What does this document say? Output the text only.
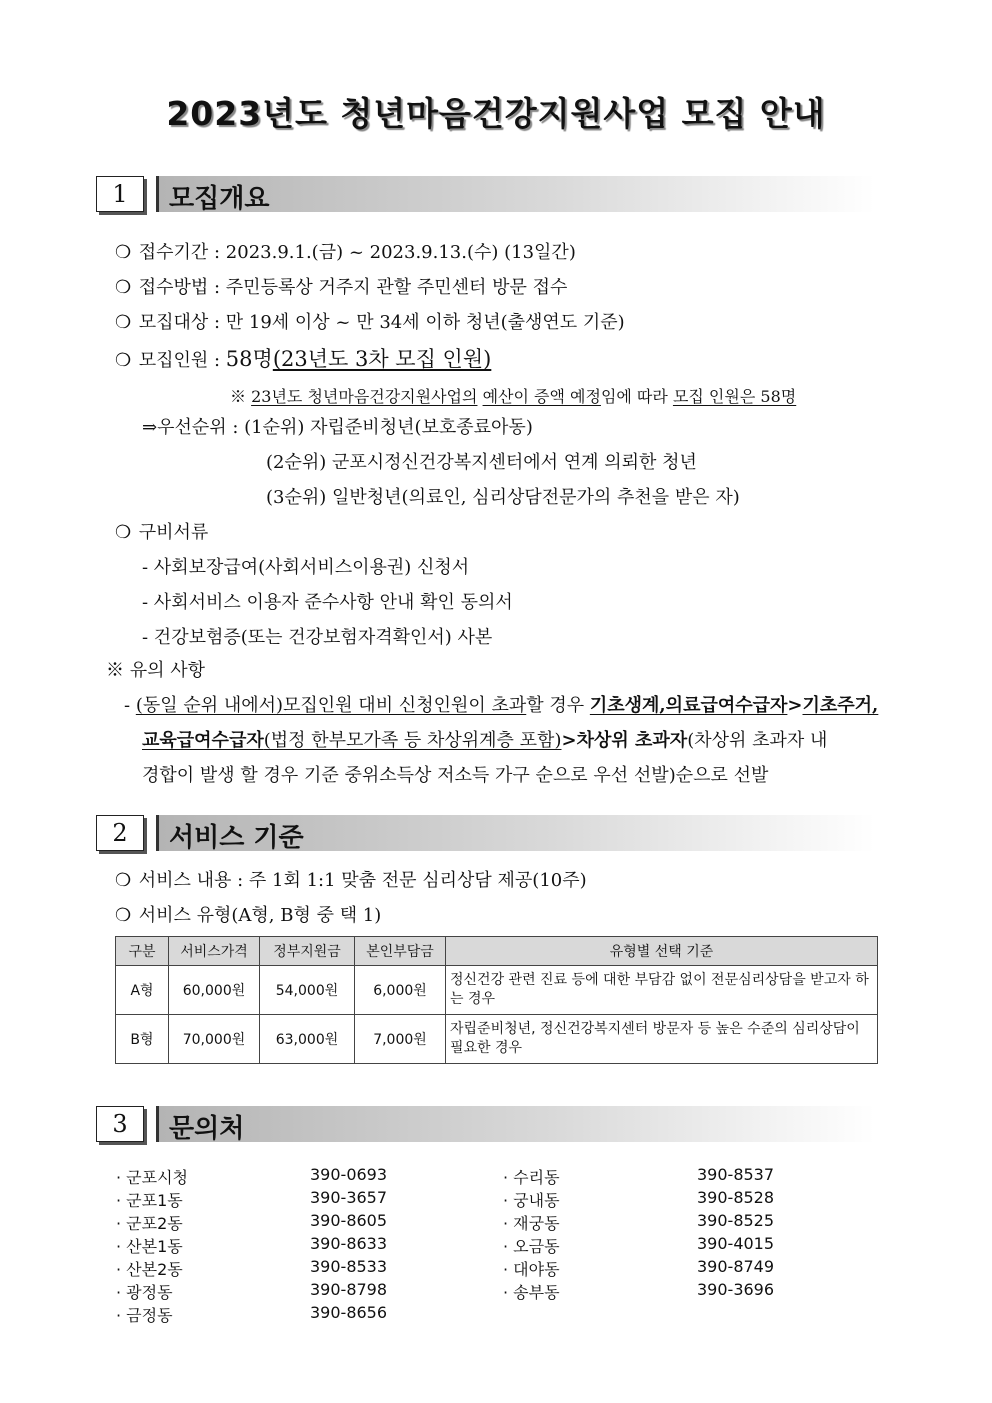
2023년도 청년마음건강지원사업 모집 안내
1	모집개요
❍ 접수기간 : 2023.9.1.(금) ~ 2023.9.13.(수) (13일간)
❍ 접수방법 : 주민등록상 거주지 관할 주민센터 방문 접수
❍ 모집대상 : 만 19세 이상 ~ 만 34세 이하 청년(출생연도 기준)
❍ 모집인원 : 58명(23년도 3차 모집 인원)
※ 23년도 청년마음건강지원사업의 예산이 증액 예정임에 따라 모집 인원은 58명
⇒우선순위 : (1순위) 자립준비청년(보호종료아동)
(2순위) 군포시정신건강복지센터에서 연계 의뢰한 청년
(3순위) 일반청년(의료인, 심리상담전문가의 추천을 받은 자)
❍ 구비서류
- 사회보장급여(사회서비스이용권) 신청서
- 사회서비스 이용자 준수사항 안내 확인 동의서
- 건강보험증(또는 건강보험자격확인서) 사본
※ 유의 사항
- (동일 순위 내에서)모집인원 대비 신청인원이 초과할 경우 기초생계,의료급여수급자>기초주거,
교육급여수급자(법정 한부모가족 등 차상위계층 포함)>차상위 초과자(차상위 초과자 내
경합이 발생 할 경우 기준 중위소득상 저소득 가구 순으로 우선 선발)순으로 선발
2	서비스 기준
❍ 서비스 내용 : 주 1회 1:1 맞춤 전문 심리상담 제공(10주)
❍ 서비스 유형(A형, B형 중 택 1)
구분	서비스가격	정부지원금	본인부담금	유형별 선택 기준
A형	60,000원	54,000원	6,000원	정신건강 관련 진료 등에 대한 부담감 없이 전문심리상담을 받고자 하는 경우
B형	70,000원	63,000원	7,000원	자립준비청년, 정신건강복지센터 방문자 등 높은 수준의 심리상담이 필요한 경우
3	문의처
· 군포시청	390-0693
· 군포1동	390-3657
· 군포2동	390-8605
· 산본1동	390-8633
· 산본2동	390-8533
· 광정동	390-8798
· 금정동	390-8656
· 수리동	390-8537
· 궁내동	390-8528
· 재궁동	390-8525
· 오금동	390-4015
· 대야동	390-8749
· 송부동	390-3696
